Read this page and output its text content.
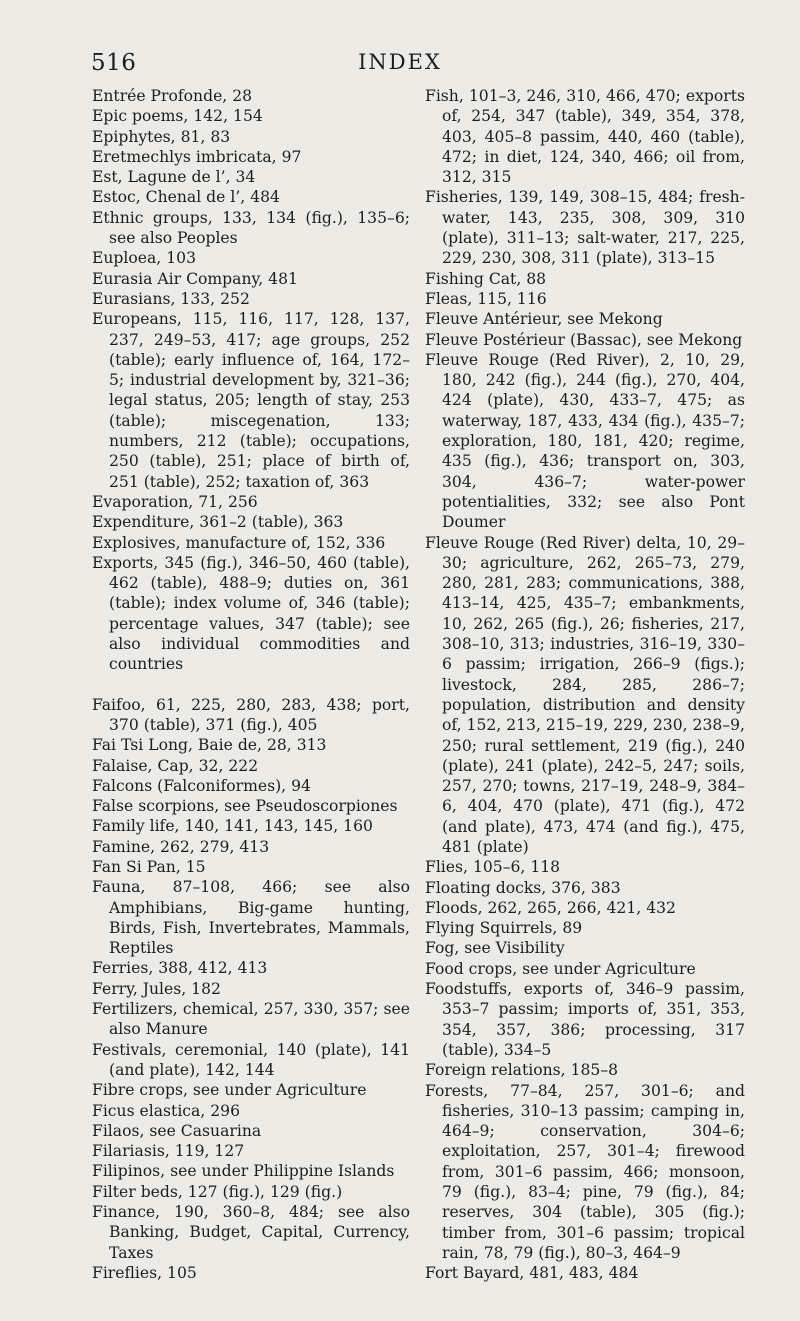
516	INDEX

Entrée Profonde, 28

Epic poems, 142, 154

Epiphytes, 81, 83

Eretmechlys imbricata, 97

Est, Lagune de l’, 34

Estoc, Chenal de l’, 484

Ethnic groups, 133, 134 (fig.), 135–6; see also Peoples

Euploea, 103

Eurasia Air Company, 481

Eurasians, 133, 252

Europeans, 115, 116, 117, 128, 137, 237, 249–53, 417; age groups, 252 (table); early influence of, 164, 172–5; industrial development by, 321–36; legal status, 205; length of stay, 253 (table); miscegenation, 133; numbers, 212 (table); occupations, 250 (table), 251; place of birth of, 251 (table), 252; taxation of, 363

Evaporation, 71, 256

Expenditure, 361–2 (table), 363

Explosives, manufacture of, 152, 336

Exports, 345 (fig.), 346–50, 460 (table), 462 (table), 488–9; duties on, 361 (table); index volume of, 346 (table); percentage values, 347 (table); see also individual commodities and countries

Faifoo, 61, 225, 280, 283, 438; port, 370 (table), 371 (fig.), 405

Fai Tsi Long, Baie de, 28, 313

Falaise, Cap, 32, 222

Falcons (Falconiformes), 94

False scorpions, see Pseudoscorpiones

Family life, 140, 141, 143, 145, 160

Famine, 262, 279, 413

Fan Si Pan, 15

Fauna, 87–108, 466; see also Amphibians, Big-game hunting, Birds, Fish, Invertebrates, Mammals, Reptiles

Ferries, 388, 412, 413

Ferry, Jules, 182

Fertilizers, chemical, 257, 330, 357; see also Manure

Festivals, ceremonial, 140 (plate), 141 (and plate), 142, 144

Fibre crops, see under Agriculture

Ficus elastica, 296

Filaos, see Casuarina

Filariasis, 119, 127

Filipinos, see under Philippine Islands

Filter beds, 127 (fig.), 129 (fig.)

Finance, 190, 360–8, 484; see also Banking, Budget, Capital, Currency, Taxes

Fireflies, 105

Fish, 101–3, 246, 310, 466, 470; exports of, 254, 347 (table), 349, 354, 378, 403, 405–8 passim, 440, 460 (table), 472; in diet, 124, 340, 466; oil from, 312, 315

Fisheries, 139, 149, 308–15, 484; fresh-water, 143, 235, 308, 309, 310 (plate), 311–13; salt-water, 217, 225, 229, 230, 308, 311 (plate), 313–15

Fishing Cat, 88

Fleas, 115, 116

Fleuve Antérieur, see Mekong

Fleuve Postérieur (Bassac), see Mekong

Fleuve Rouge (Red River), 2, 10, 29, 180, 242 (fig.), 244 (fig.), 270, 404, 424 (plate), 430, 433–7, 475; as waterway, 187, 433, 434 (fig.), 435–7; exploration, 180, 181, 420; regime, 435 (fig.), 436; transport on, 303, 304, 436–7; water-power potentialities, 332; see also Pont Doumer

Fleuve Rouge (Red River) delta, 10, 29–30; agriculture, 262, 265–73, 279, 280, 281, 283; communications, 388, 413–14, 425, 435–7; embankments, 10, 262, 265 (fig.), 26; fisheries, 217, 308–10, 313; industries, 316–19, 330–6 passim; irrigation, 266–9 (figs.); livestock, 284, 285, 286–7; population, distribution and density of, 152, 213, 215–19, 229, 230, 238–9, 250; rural settlement, 219 (fig.), 240 (plate), 241 (plate), 242–5, 247; soils, 257, 270; towns, 217–19, 248–9, 384–6, 404, 470 (plate), 471 (fig.), 472 (and plate), 473, 474 (and fig.), 475, 481 (plate)

Flies, 105–6, 118

Floating docks, 376, 383

Floods, 262, 265, 266, 421, 432

Flying Squirrels, 89

Fog, see Visibility

Food crops, see under Agriculture

Foodstuffs, exports of, 346–9 passim, 353–7 passim; imports of, 351, 353, 354, 357, 386; processing, 317 (table), 334–5

Foreign relations, 185–8

Forests, 77–84, 257, 301–6; and fisheries, 310–13 passim; camping in, 464–9; conservation, 304–6; exploitation, 257, 301–4; firewood from, 301–6 passim, 466; monsoon, 79 (fig.), 83–4; pine, 79 (fig.), 84; reserves, 304 (table), 305 (fig.); timber from, 301–6 passim; tropical rain, 78, 79 (fig.), 80–3, 464–9

Fort Bayard, 481, 483, 484
